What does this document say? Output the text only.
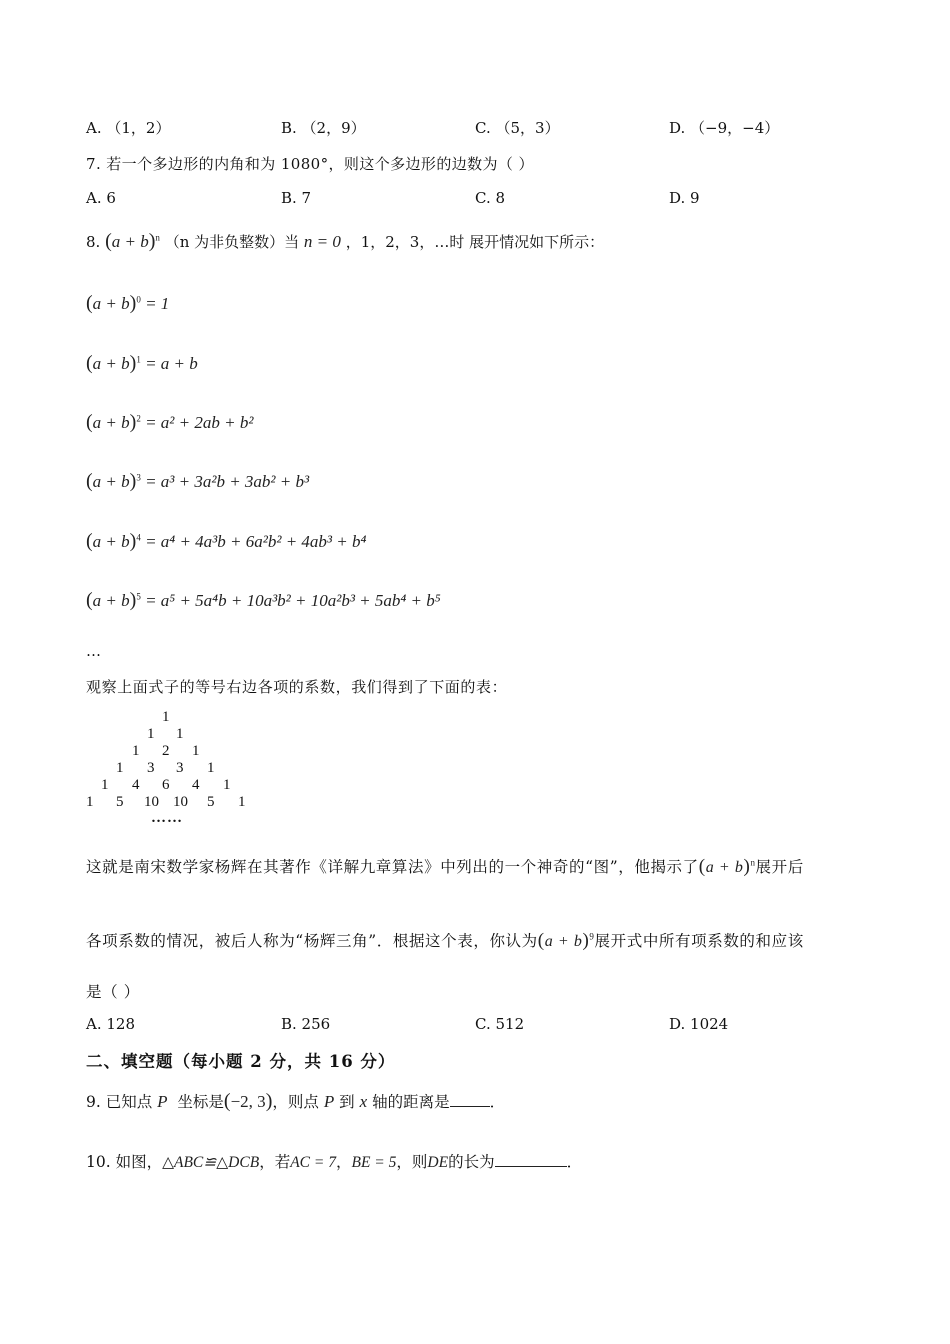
A. （1，2）	B. （2，9）	C. （5，3）	D. （−9，−4）
7. 若一个多边形的内角和为 1080°，则这个多边形的边数为（ ）
A. 6	B. 7	C. 8	D. 9
8. $(a + b)^n$ （n 为非负整数）当 n = 0 ，1，2，3，…时 展开情况如下所示：
$(a + b)^0 = 1$
$(a + b)^1 = a + b$
$(a + b)^2 = a^2 + 2ab + b^2$
$(a + b)^3 = a^3 + 3a^2b + 3ab^2 + b^3$
$(a + b)^4 = a^4 + 4a^3b + 6a^2b^2 + 4ab^3 + b^4$
$(a + b)^5 = a^5 + 5a^4b + 10a^3b^2 + 10a^2b^3 + 5ab^4 + b^5$
…
观察上面式子的等号右边各项的系数，我们得到了下面的表：
1
1 1
1 2 1
1 3 3 1
1 4 6 4 1
1 5 10 10 5 1
……
这就是南宋数学家杨辉在其著作《详解九章算法》中列出的一个神奇的“图”，他揭示了$(a + b)^n$展开后
各项系数的情况，被后人称为“杨辉三角”．根据这个表，你认为$(a + b)^9$展开式中所有项系数的和应该
是（ ）
A. 128	B. 256	C. 512	D. 1024
二、填空题（每小题 2 分，共 16 分）
9. 已知点 P 坐标是(−2, 3)，则点 P 到 x 轴的距离是	．
10. 如图，△ABC≌△DCB，若AC = 7，BE = 5，则DE的长为	．
